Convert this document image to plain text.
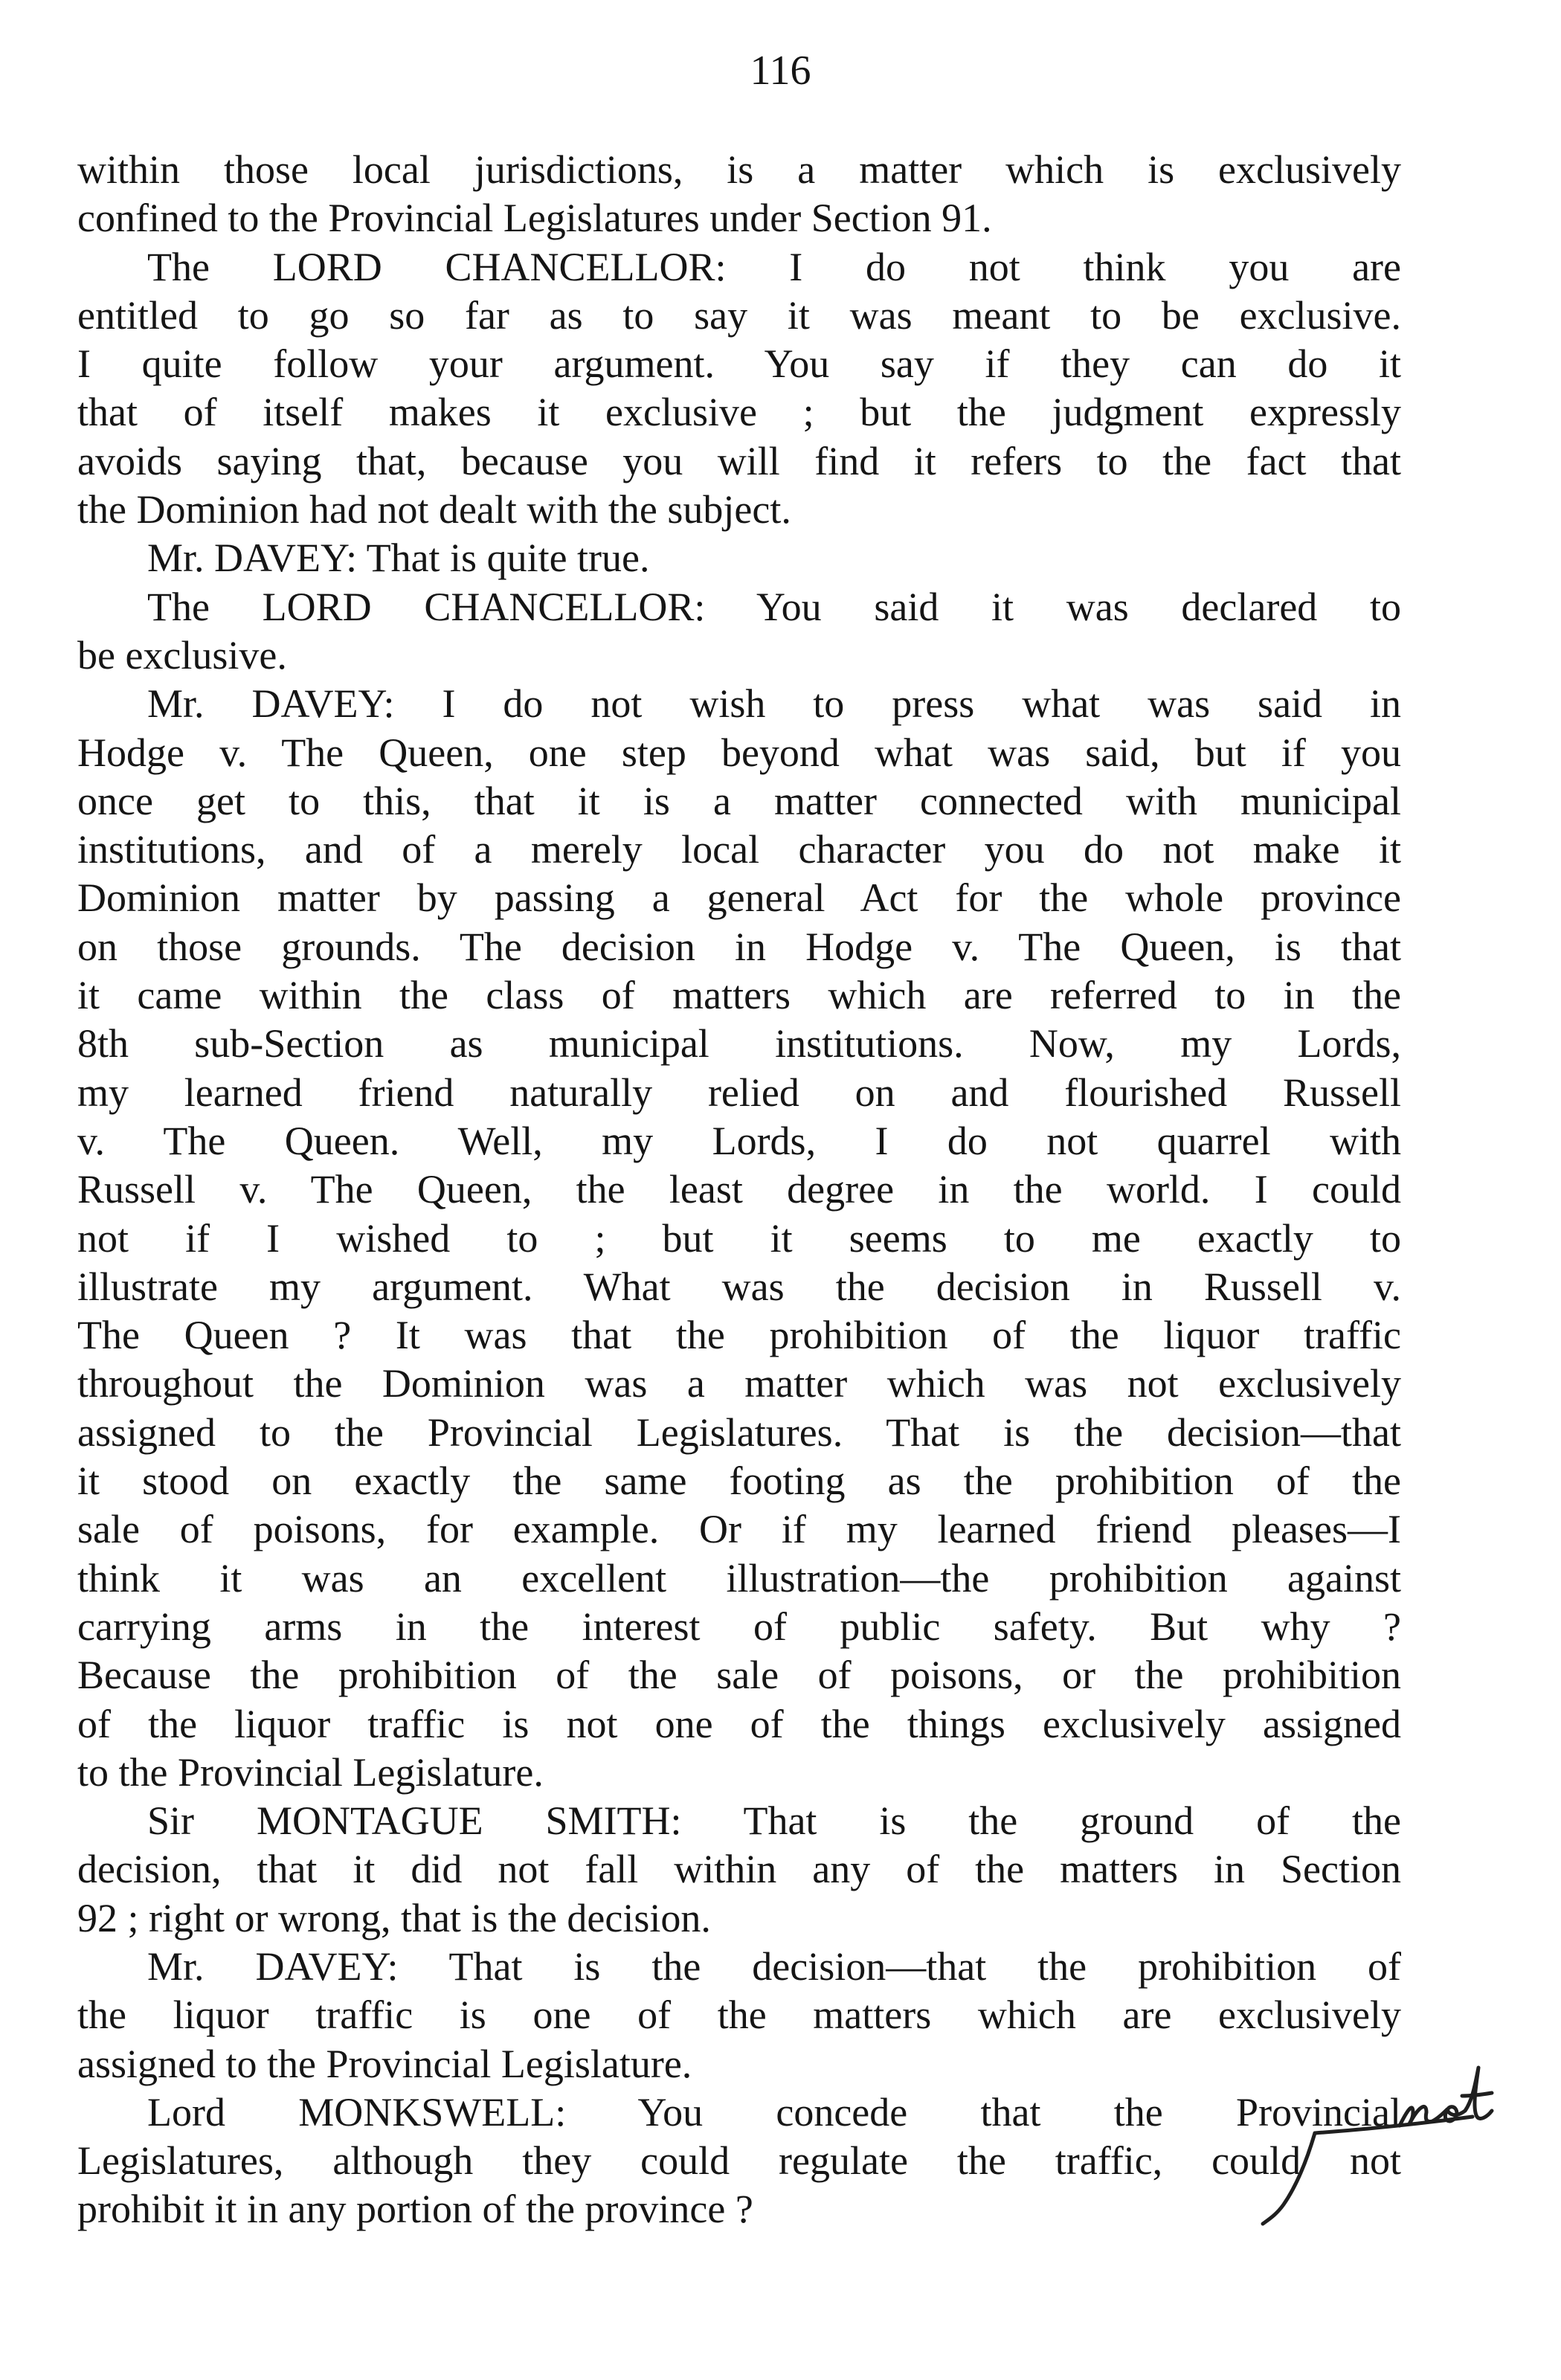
116
within those local jurisdictions, is a matter which is exclusively
confined to the Provincial Legislatures under Section 91.
The LORD CHANCELLOR: I do not think you are
entitled to go so far as to say it was meant to be exclusive.
I quite follow your argument. You say if they can do it
that of itself makes it exclusive ; but the judgment expressly
avoids saying that, because you will find it refers to the fact that
the Dominion had not dealt with the subject.
Mr. DAVEY: That is quite true.
The LORD CHANCELLOR: You said it was declared to
be exclusive.
Mr. DAVEY: I do not wish to press what was said in
Hodge v. The Queen, one step beyond what was said, but if you
once get to this, that it is a matter connected with municipal
institutions, and of a merely local character you do not make it
Dominion matter by passing a general Act for the whole province
on those grounds. The decision in Hodge v. The Queen, is that
it came within the class of matters which are referred to in the
8th sub-Section as municipal institutions. Now, my Lords,
my learned friend naturally relied on and flourished Russell
v. The Queen. Well, my Lords, I do not quarrel with
Russell v. The Queen, the least degree in the world. I could
not if I wished to ; but it seems to me exactly to
illustrate my argument. What was the decision in Russell v.
The Queen ? It was that the prohibition of the liquor traffic
throughout the Dominion was a matter which was not exclusively
assigned to the Provincial Legislatures. That is the decision—that
it stood on exactly the same footing as the prohibition of the
sale of poisons, for example. Or if my learned friend pleases—I
think it was an excellent illustration—the prohibition against
carrying arms in the interest of public safety. But why ?
Because the prohibition of the sale of poisons, or the prohibition
of the liquor traffic is not one of the things exclusively assigned
to the Provincial Legislature.
Sir MONTAGUE SMITH: That is the ground of the
decision, that it did not fall within any of the matters in Section
92 ; right or wrong, that is the decision.
Mr. DAVEY: That is the decision—that the prohibition of
the liquor traffic is one of the matters which are exclusively
assigned to the Provincial Legislature.
Lord MONKSWELL: You concede that the Provincial
Legislatures, although they could regulate the traffic, could not
prohibit it in any portion of the province ?
